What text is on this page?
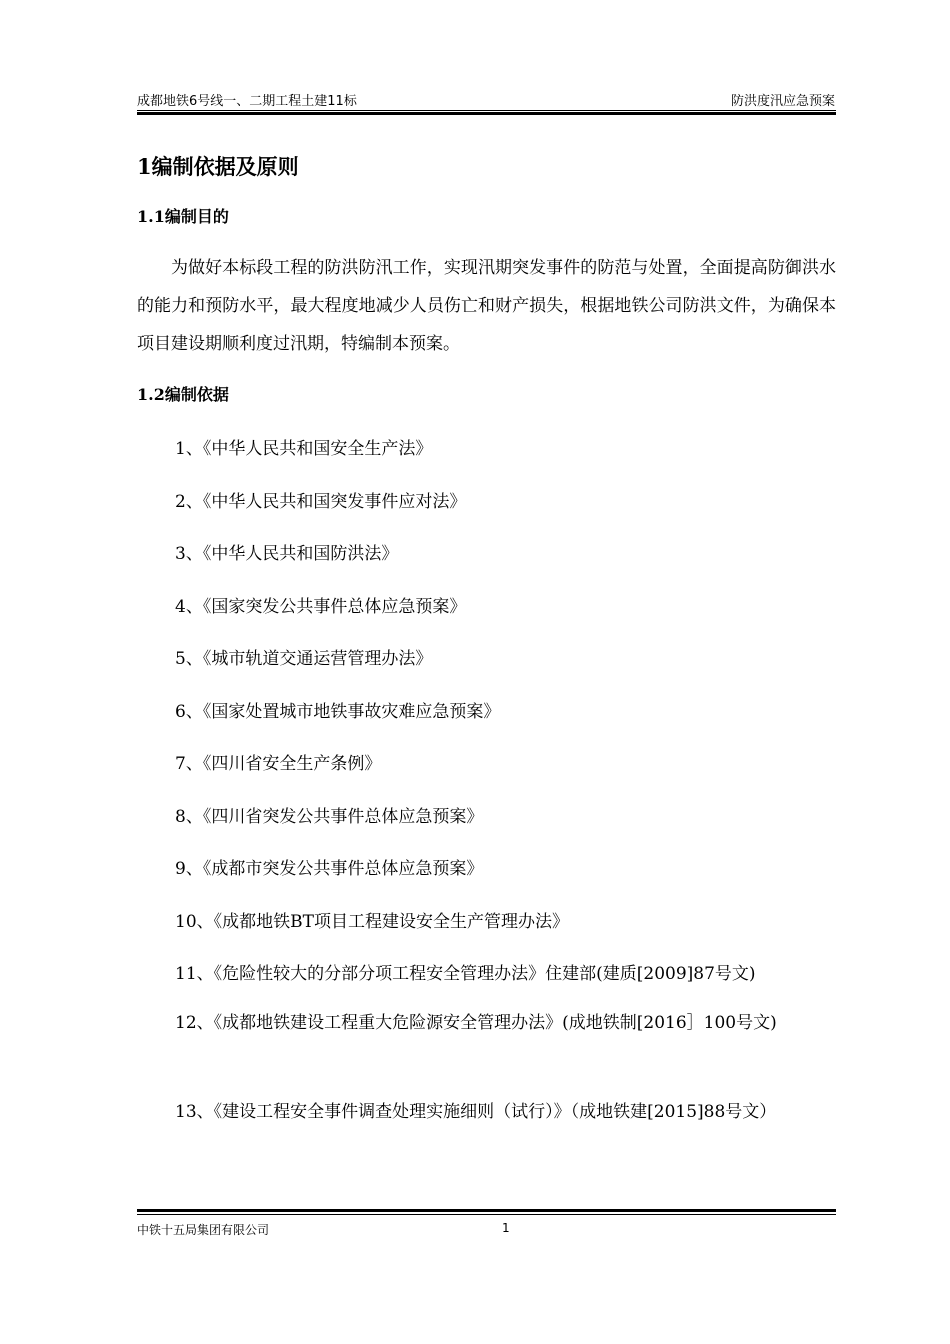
成都地铁6号线一、二期工程土建11标	防洪度汛应急预案
1编制依据及原则
1.1编制目的
为做好本标段工程的防洪防汛工作，实现汛期突发事件的防范与处置，全面提高防御洪水的能力和预防水平，最大程度地减少人员伤亡和财产损失，根据地铁公司防洪文件，为确保本项目建设期顺利度过汛期，特编制本预案。
1.2编制依据
1、《中华人民共和国安全生产法》
2、《中华人民共和国突发事件应对法》
3、《中华人民共和国防洪法》
4、《国家突发公共事件总体应急预案》
5、《城市轨道交通运营管理办法》
6、《国家处置城市地铁事故灾难应急预案》
7、《四川省安全生产条例》
8、《四川省突发公共事件总体应急预案》
9、《成都市突发公共事件总体应急预案》
10、《成都地铁BT项目工程建设安全生产管理办法》
11、《危险性较大的分部分项工程安全管理办法》住建部(建质[2009]87号文)
12、《成都地铁建设工程重大危险源安全管理办法》(成地铁制[2016］100号文)
13、《建设工程安全事件调查处理实施细则（试行）》（成地铁建[2015]88号文）
中铁十五局集团有限公司	1
